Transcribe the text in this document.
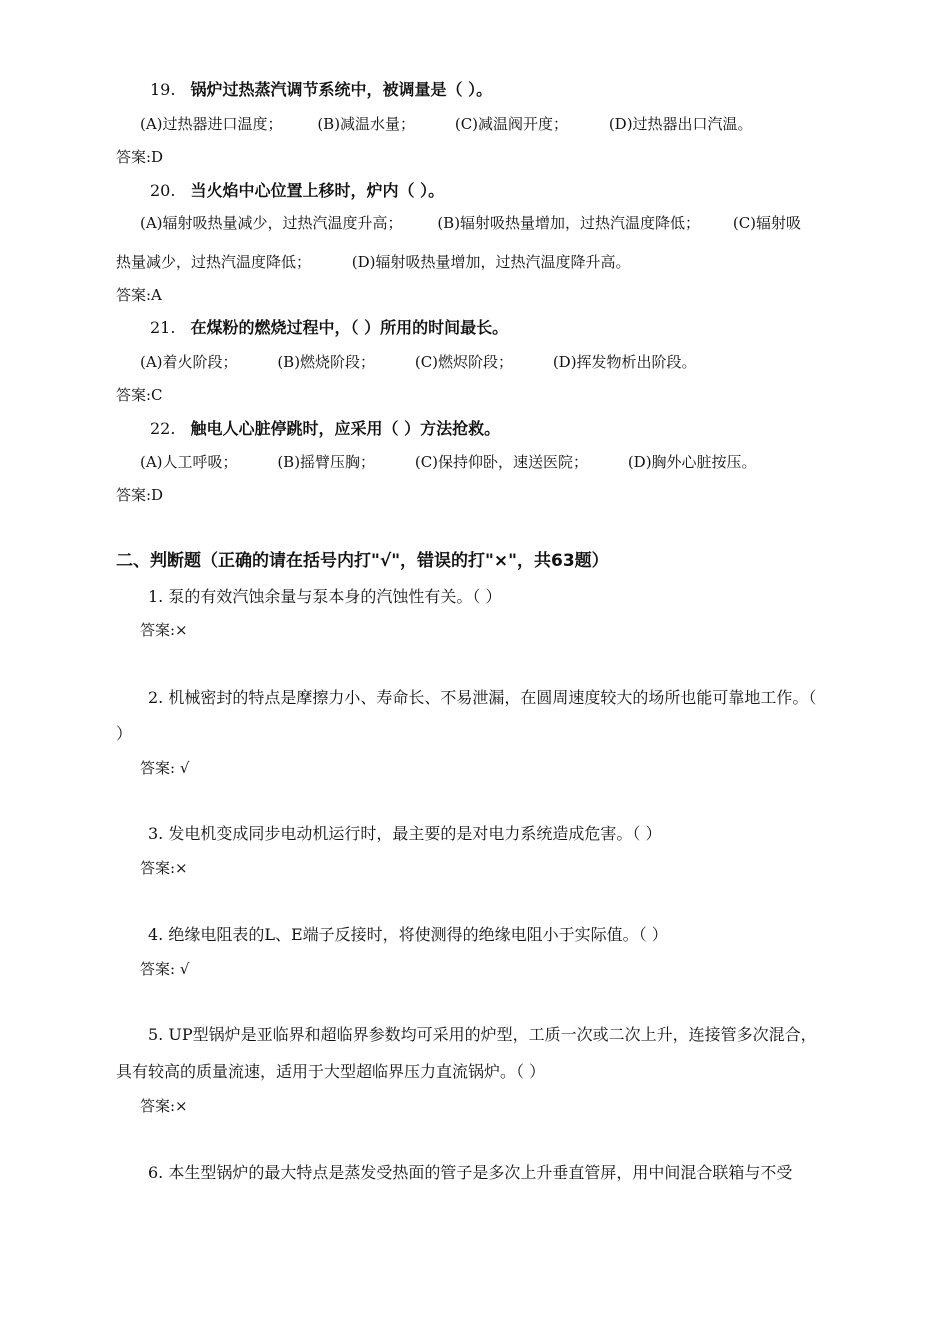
19. 锅炉过热蒸汽调节系统中，被调量是（ ）。
(A)过热器进口温度； (B)减温水量；	(C)减温阀开度；	(D)过热器出口汽温。
答案:D
20. 当火焰中心位置上移时，炉内（ ）。
(A)辐射吸热量减少，过热汽温度升高； (B)辐射吸热量增加，过热汽温度降低； (C)辐射吸
热量减少，过热汽温度降低；	(D)辐射吸热量增加，过热汽温度降升高。
答案:A
21. 在煤粉的燃烧过程中，（ ）所用的时间最长。
(A)着火阶段；	(B)燃烧阶段；	(C)燃烬阶段；	(D)挥发物析出阶段。
答案:C
22. 触电人心脏停跳时，应采用（ ）方法抢救。
(A)人工呼吸；	(B)摇臂压胸；	(C)保持仰卧，速送医院；	(D)胸外心脏按压。
答案:D
二、判断题（正确的请在括号内打"√"，错误的打"×"，共63题）
1. 泵的有效汽蚀余量与泵本身的汽蚀性有关。（ ）
答案:×
2. 机械密封的特点是摩擦力小、寿命长、不易泄漏，在圆周速度较大的场所也能可靠地工作。（
）
答案: √
3. 发电机变成同步电动机运行时，最主要的是对电力系统造成危害。（ ）
答案:×
4. 绝缘电阻表的L、E端子反接时，将使测得的绝缘电阻小于实际值。（ ）
答案: √
5. UP型锅炉是亚临界和超临界参数均可采用的炉型，工质一次或二次上升，连接管多次混合，
具有较高的质量流速，适用于大型超临界压力直流锅炉。（ ）
答案:×
6. 本生型锅炉的最大特点是蒸发受热面的管子是多次上升垂直管屏，用中间混合联箱与不受
